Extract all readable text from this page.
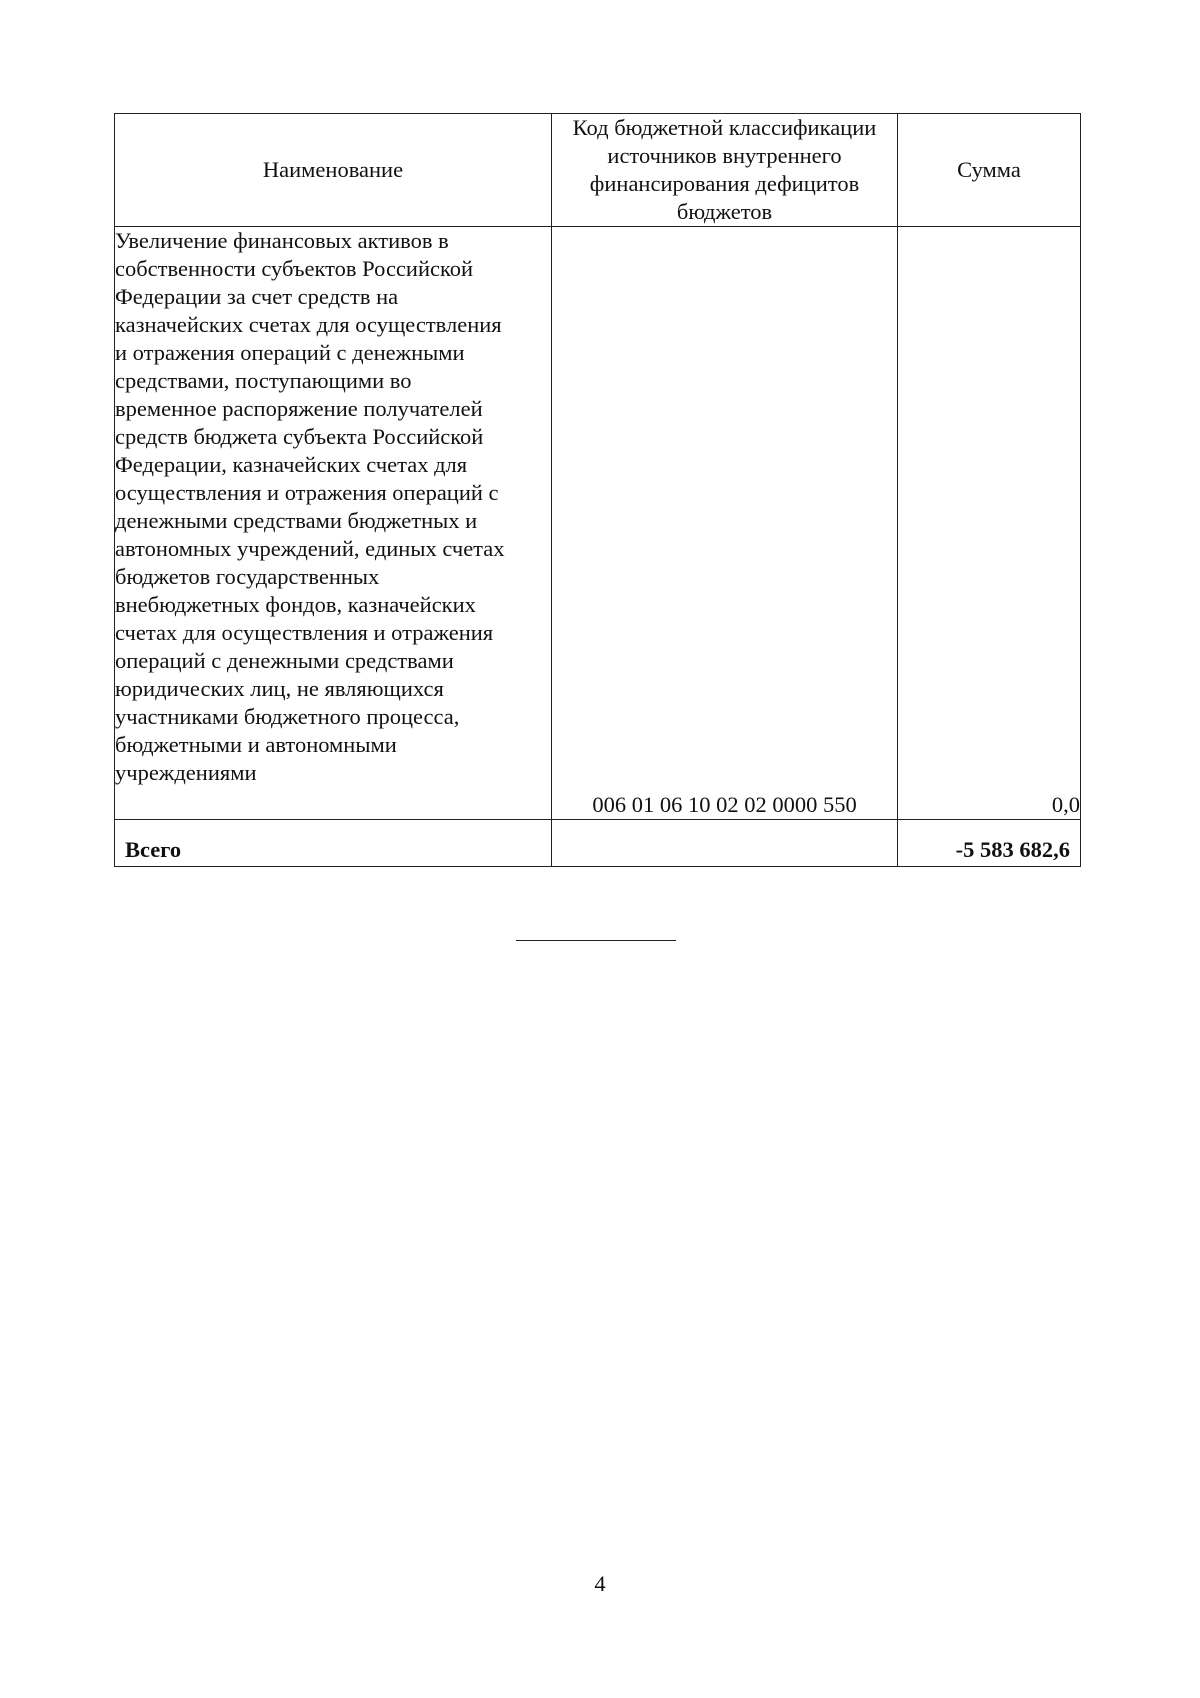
Наименование	Код бюджетной классификации источников внутреннего финансирования дефицитов бюджетов	Сумма

Увеличение финансовых активов в собственности субъектов Российской Федерации за счет средств на казначейских счетах для осуществления и отражения операций с денежными средствами, поступающими во временное распоряжение получателей средств бюджета субъекта Российской Федерации, казначейских счетах для осуществления и отражения операций с денежными средствами бюджетных и автономных учреждений, единых счетах бюджетов государственных внебюджетных фондов, казначейских счетах для осуществления и отражения операций с денежными средствами юридических лиц, не являющихся участниками бюджетного процесса, бюджетными и автономными учреждениями	006 01 06 10 02 02 0000 550	0,0
Всего		-5 583 682,6
4
